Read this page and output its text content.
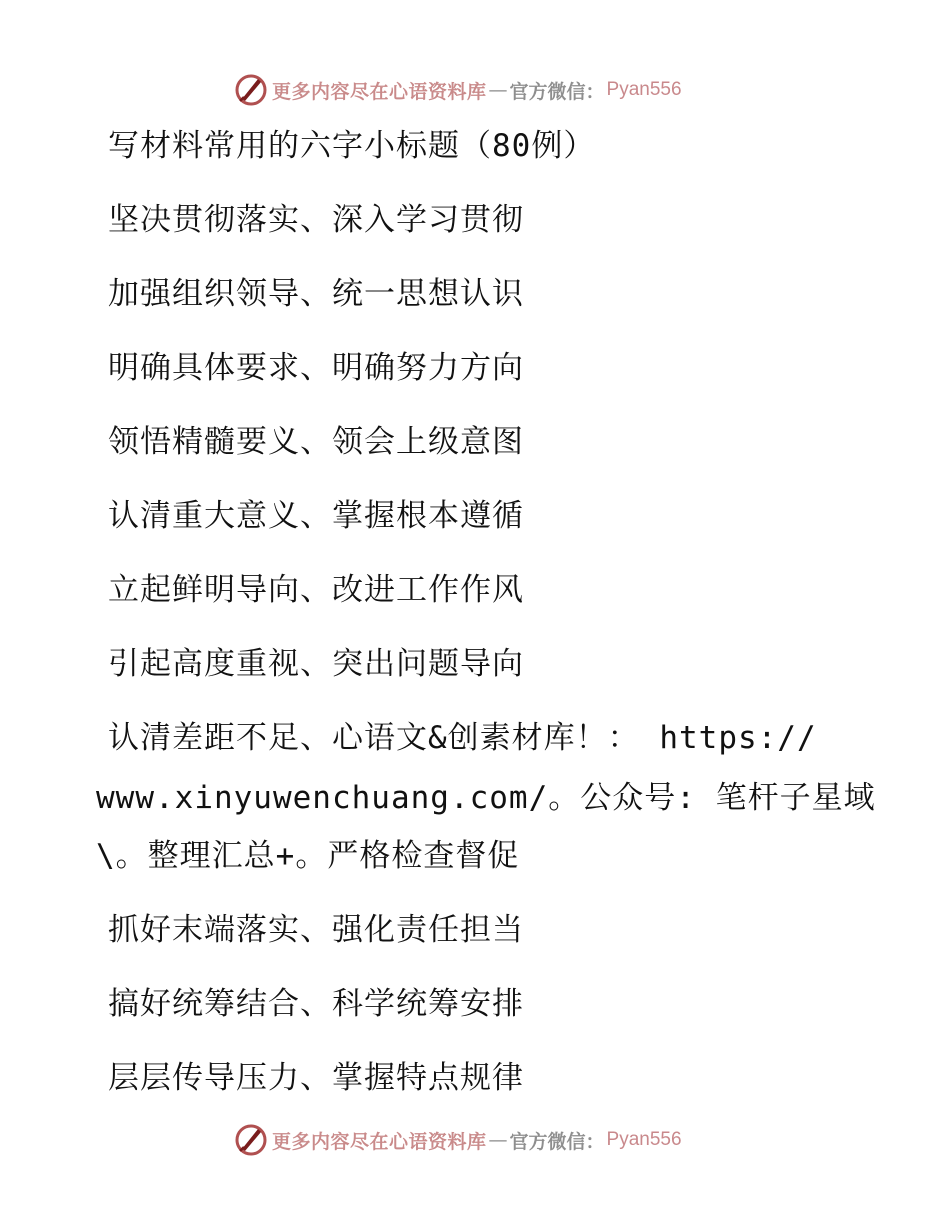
更多内容尽在心语资料库 — 官方微信： Pyan556
写材料常用的六字小标题（80例）
坚决贯彻落实、深入学习贯彻
加强组织领导、统一思想认识
明确具体要求、明确努力方向
领悟精髓要义、领会上级意图
认清重大意义、掌握根本遵循
立起鲜明导向、改进工作作风
引起高度重视、突出问题导向
认清差距不足、心语文&创素材库！： https://
www.xinyuwenchuang.com/。公众号: 笔杆子星域
\。整理汇总+。严格检查督促
抓好末端落实、强化责任担当
搞好统筹结合、科学统筹安排
层层传导压力、掌握特点规律
更多内容尽在心语资料库 — 官方微信： Pyan556
